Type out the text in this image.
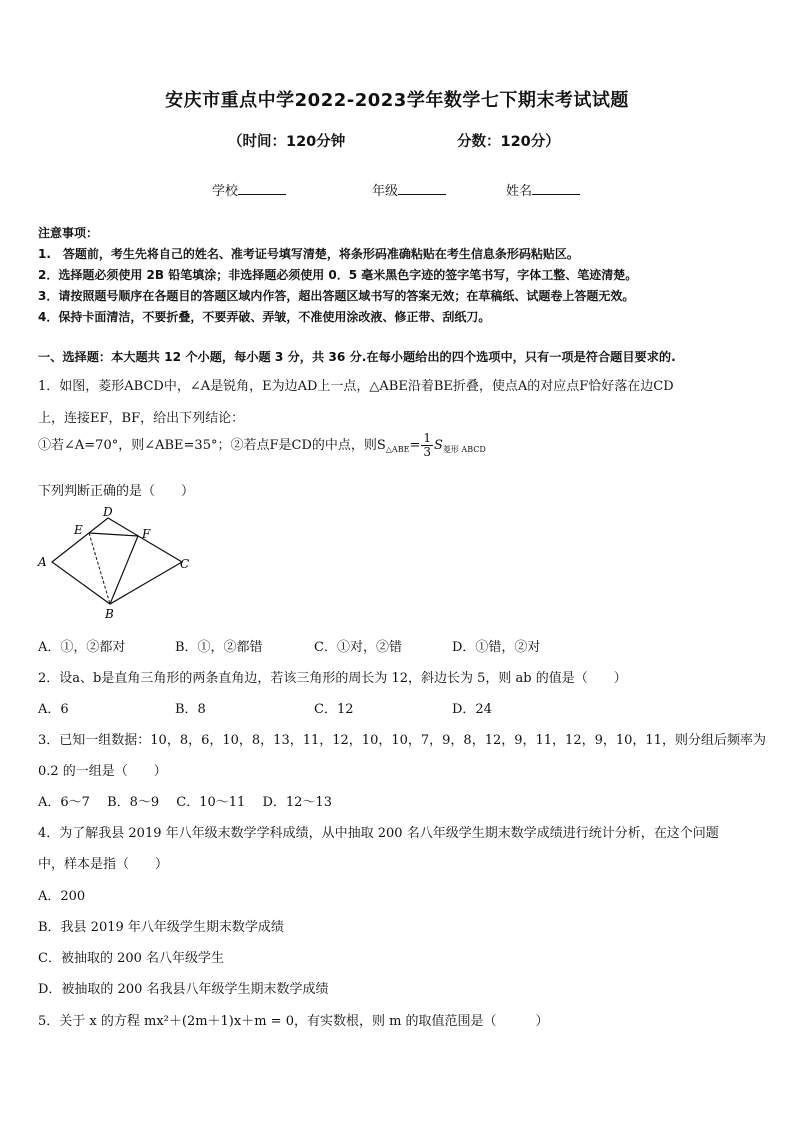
安庆市重点中学2022-2023学年数学七下期末考试试题
（时间：120分钟	分数：120分）
学校	年级	姓名
注意事项：
1.　答题前，考生先将自己的姓名、准考证号填写清楚，将条形码准确粘贴在考生信息条形码粘贴区。
2．选择题必须使用 2B 铅笔填涂；非选择题必须使用 0．5 毫米黑色字迹的签字笔书写，字体工整、笔迹清楚。
3．请按照题号顺序在各题目的答题区域内作答，超出答题区域书写的答案无效；在草稿纸、试题卷上答题无效。
4．保持卡面清洁，不要折叠，不要弄破、弄皱，不准使用涂改液、修正带、刮纸刀。
一、选择题：本大题共 12 个小题，每小题 3 分，共 36 分.在每小题给出的四个选项中，只有一项是符合题目要求的.
1．如图，菱形ABCD中，∠A是锐角，E为边AD上一点，△ABE沿着BE折叠，使点A的对应点F恰好落在边CD
上，连接EF，BF，给出下列结论：
①若∠A=70°，则∠ABE=35°；②若点F是CD的中点，则$S_{\triangle ABE}= \frac{1}{3} S_{菱形 ABCD}$
下列判断正确的是（　　）
A
B
C
D
E	F
A．①，②都对	B．①，②都错	C．①对，②错	D．①错，②对
2．设a、b是直角三角形的两条直角边，若该三角形的周长为 12，斜边长为 5，则 ab 的值是（　　）
A．6	B．8	C．12	D．24
3．已知一组数据：10，8，6，10，8，13，11，12，10，10，7，9，8，12，9，11，12，9，10，11，则分组后频率为
0.2 的一组是（　　）
A．6～7　 B．8～9　 C．10～11　 D．12～13
4．为了解我县 2019 年八年级末数学学科成绩，从中抽取 200 名八年级学生期末数学成绩进行统计分析，在这个问题
中，样本是指（　　）
A．200
B．我县 2019 年八年级学生期末数学成绩
C．被抽取的 200 名八年级学生
D．被抽取的 200 名我县八年级学生期末数学成绩
5．关于 x 的方程 mx²＋(2m＋1)x＋m = 0，有实数根，则 m 的取值范围是（　　　）
